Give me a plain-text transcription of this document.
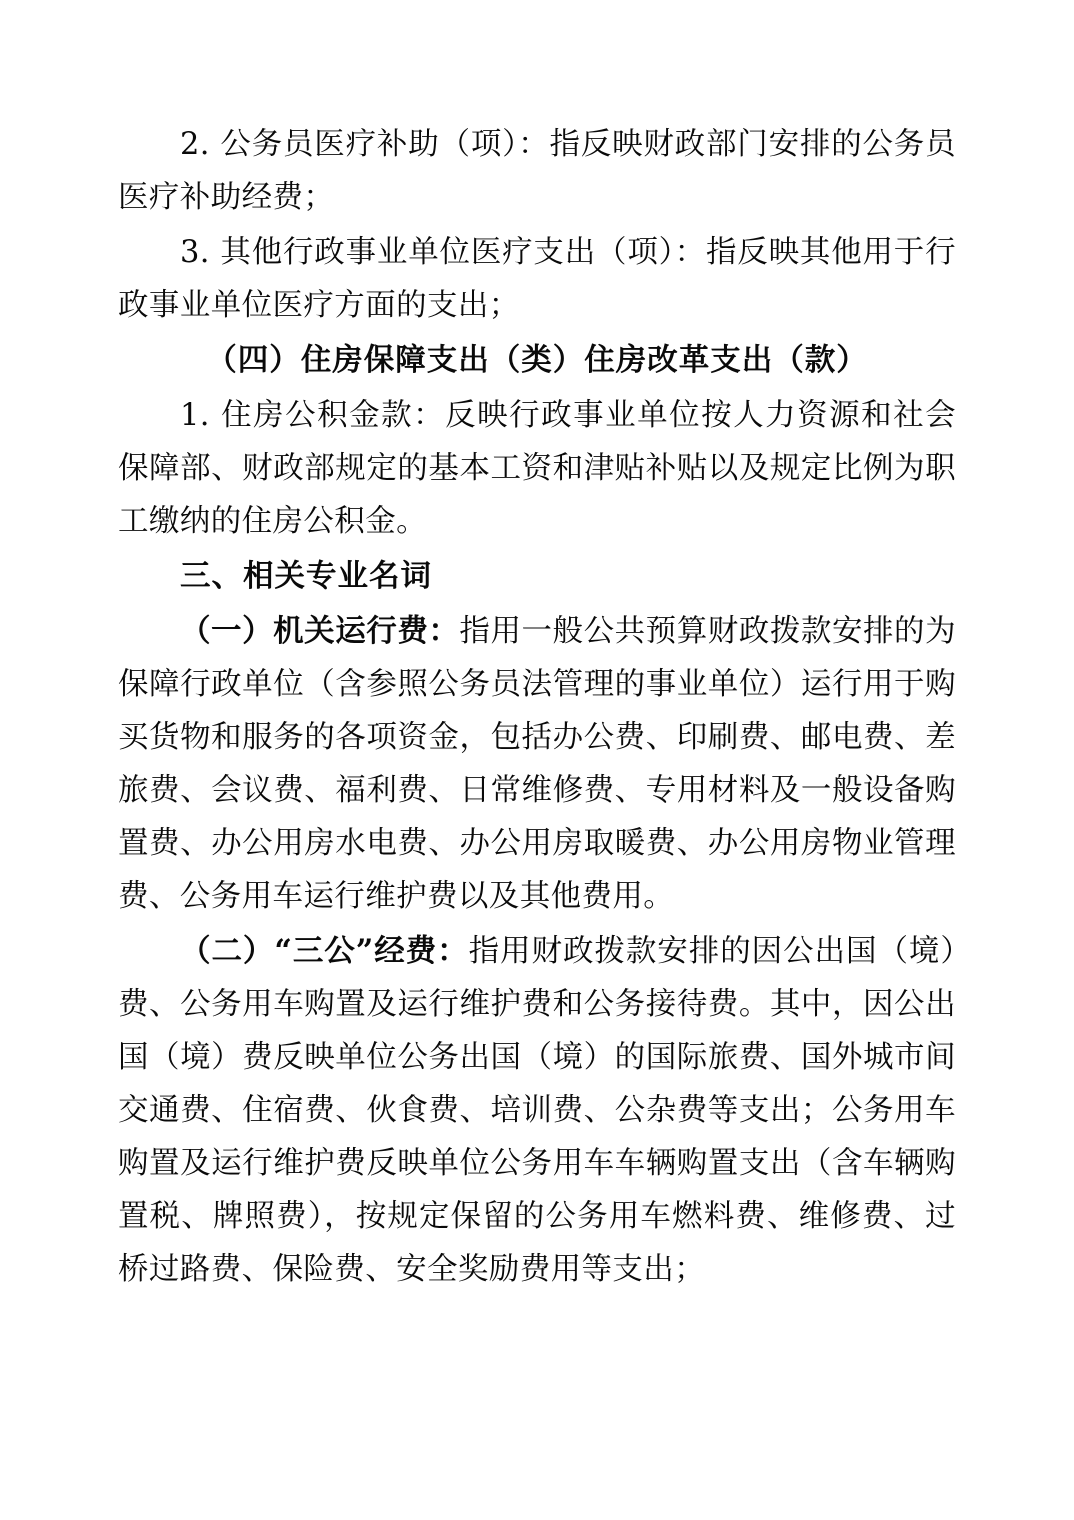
2. 公务员医疗补助（项）：指反映财政部门安排的公务员医疗补助经费；

3. 其他行政事业单位医疗支出（项）：指反映其他用于行政事业单位医疗方面的支出；

（四）住房保障支出（类）住房改革支出（款）

1. 住房公积金款：反映行政事业单位按人力资源和社会保障部、财政部规定的基本工资和津贴补贴以及规定比例为职工缴纳的住房公积金。

三、相关专业名词

（一）机关运行费：指用一般公共预算财政拨款安排的为保障行政单位（含参照公务员法管理的事业单位）运行用于购买货物和服务的各项资金，包括办公费、印刷费、邮电费、差旅费、会议费、福利费、日常维修费、专用材料及一般设备购置费、办公用房水电费、办公用房取暖费、办公用房物业管理费、公务用车运行维护费以及其他费用。

（二）“三公”经费：指用财政拨款安排的因公出国（境）费、公务用车购置及运行维护费和公务接待费。其中，因公出国（境）费反映单位公务出国（境）的国际旅费、国外城市间交通费、住宿费、伙食费、培训费、公杂费等支出；公务用车购置及运行维护费反映单位公务用车车辆购置支出（含车辆购置税、牌照费），按规定保留的公务用车燃料费、维修费、过桥过路费、保险费、安全奖励费用等支出；
